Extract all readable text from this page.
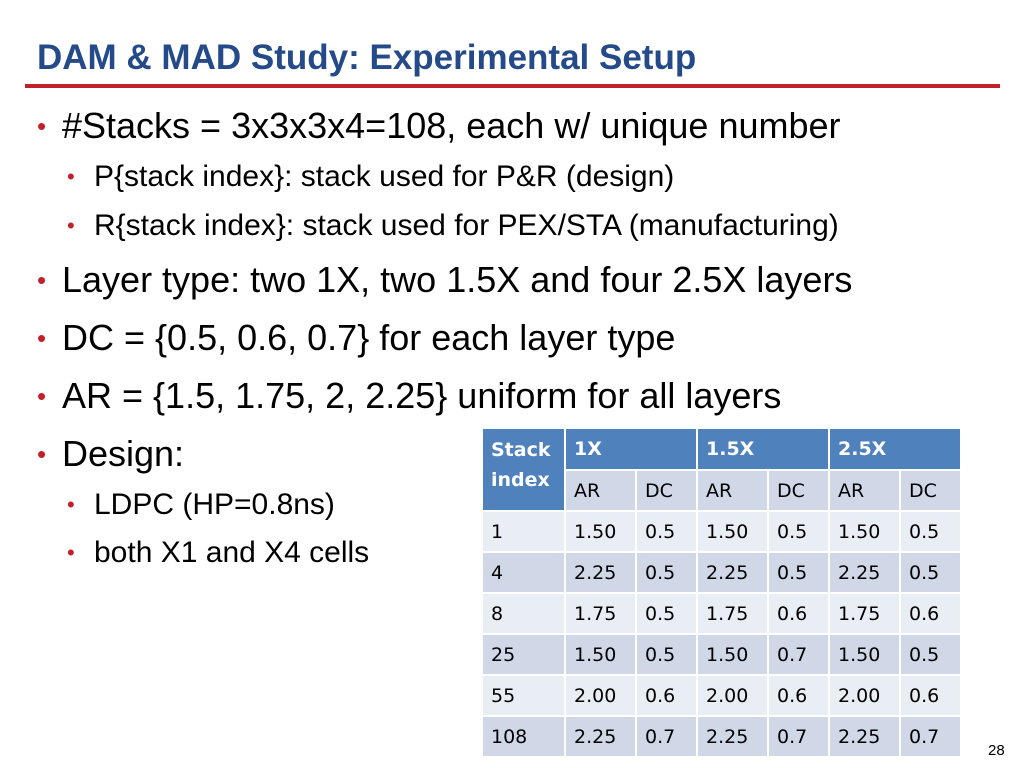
DAM & MAD Study: Experimental Setup
• #Stacks = 3x3x3x4=108, each w/ unique number
• P{stack index}: stack used for P&R (design)
• R{stack index}: stack used for PEX/STA (manufacturing)
• Layer type: two 1X, two 1.5X and four 2.5X layers
• DC = {0.5, 0.6, 0.7} for each layer type
• AR = {1.5, 1.75, 2, 2.25} uniform for all layers
• Design:
• LDPC (HP=0.8ns)
• both X1 and X4 cells
Stack
index	1X		1.5X		2.5X	
	AR	DC	AR	DC	AR	DC
1	1.50	0.5	1.50	0.5	1.50	0.5
4	2.25	0.5	2.25	0.5	2.25	0.5
8	1.75	0.5	1.75	0.6	1.75	0.6
25	1.50	0.5	1.50	0.7	1.50	0.5
55	2.00	0.6	2.00	0.6	2.00	0.6
108	2.25	0.7	2.25	0.7	2.25	0.7
28
